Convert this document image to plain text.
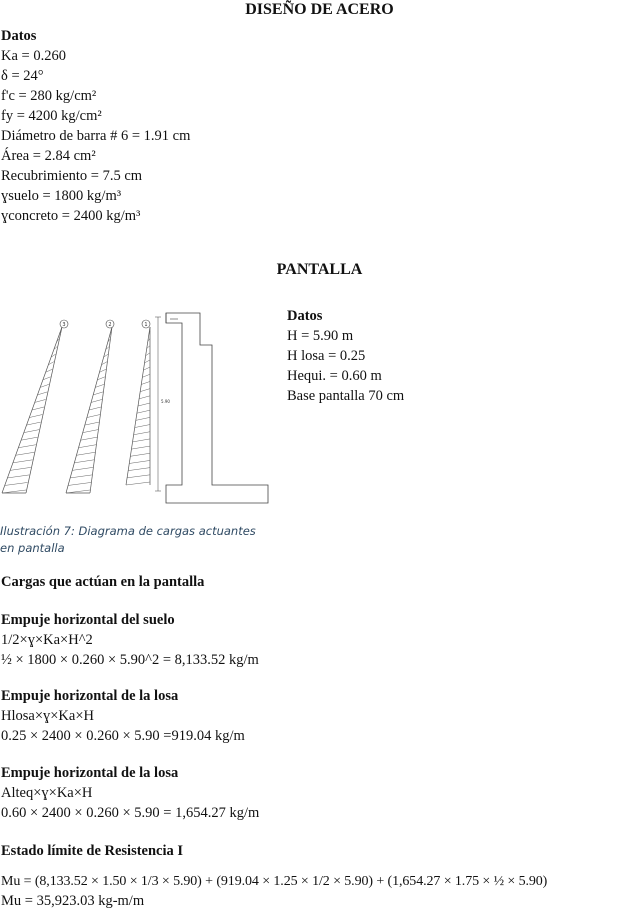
DISEÑO DE ACERO
Datos
Ka = 0.260
δ = 24°
f'c = 280 kg/cm²
fy = 4200 kg/cm²
Diámetro de barra # 6 = 1.91 cm
Área = 2.84 cm²
Recubrimiento = 7.5 cm
ɣsuelo = 1800 kg/m³
ɣconcreto = 2400 kg/m³
PANTALLA
Datos
H = 5.90 m
H losa = 0.25
Hequi. = 0.60 m
Base pantalla 70 cm
3	2	1
5.90
Ilustración 7: Diagrama de cargas actuantes en pantalla
Cargas que actúan en la pantalla
Empuje horizontal del suelo
1/2×ɣ×Ka×H^2
½ × 1800 × 0.260 × 5.90^2 = 8,133.52 kg/m
Empuje horizontal de la losa
Hlosa×ɣ×Ka×H
0.25 × 2400 × 0.260 × 5.90 =919.04 kg/m
Empuje horizontal de la losa
Alteq×ɣ×Ka×H
0.60 × 2400 × 0.260 × 5.90 = 1,654.27 kg/m
Estado límite de Resistencia I
Mu = (8,133.52 × 1.50 × 1/3 × 5.90) + (919.04 × 1.25 × 1/2 × 5.90) + (1,654.27 × 1.75 × ½ × 5.90)
Mu = 35,923.03 kg-m/m
